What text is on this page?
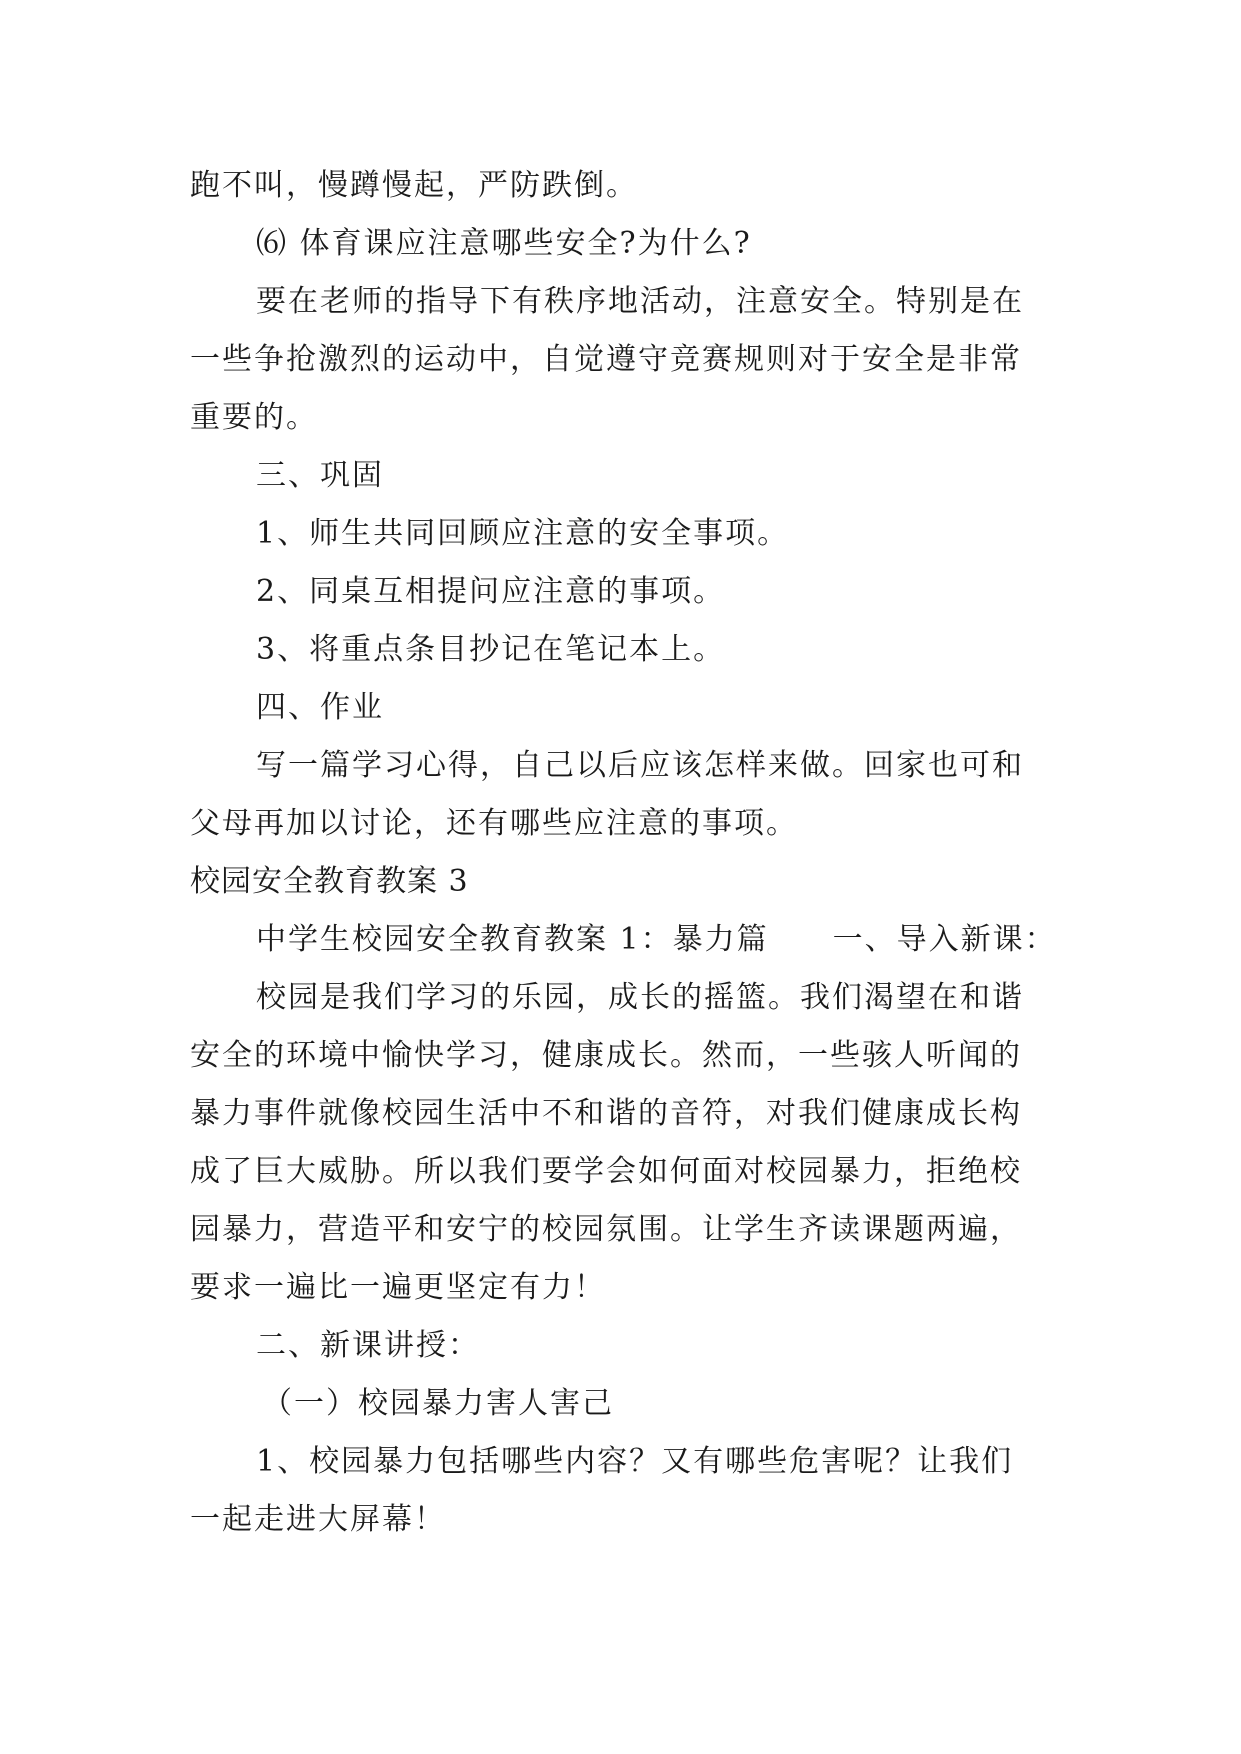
跑不叫，慢蹲慢起，严防跌倒。
⑹ 体育课应注意哪些安全?为什么?
要在老师的指导下有秩序地活动，注意安全。特别是在
一些争抢激烈的运动中，自觉遵守竞赛规则对于安全是非常
重要的。
三、巩固
1、师生共同回顾应注意的安全事项。
2、同桌互相提问应注意的事项。
3、将重点条目抄记在笔记本上。
四、作业
写一篇学习心得，自己以后应该怎样来做。回家也可和
父母再加以讨论，还有哪些应注意的事项。
校园安全教育教案 3
中学生校园安全教育教案 1：暴力篇　　一、导入新课：
校园是我们学习的乐园，成长的摇篮。我们渴望在和谐
安全的环境中愉快学习，健康成长。然而，一些骇人听闻的
暴力事件就像校园生活中不和谐的音符，对我们健康成长构
成了巨大威胁。所以我们要学会如何面对校园暴力，拒绝校
园暴力，营造平和安宁的校园氛围。让学生齐读课题两遍，
要求一遍比一遍更坚定有力！
二、新课讲授：
（一）校园暴力害人害己
1、校园暴力包括哪些内容？又有哪些危害呢？让我们
一起走进大屏幕！
